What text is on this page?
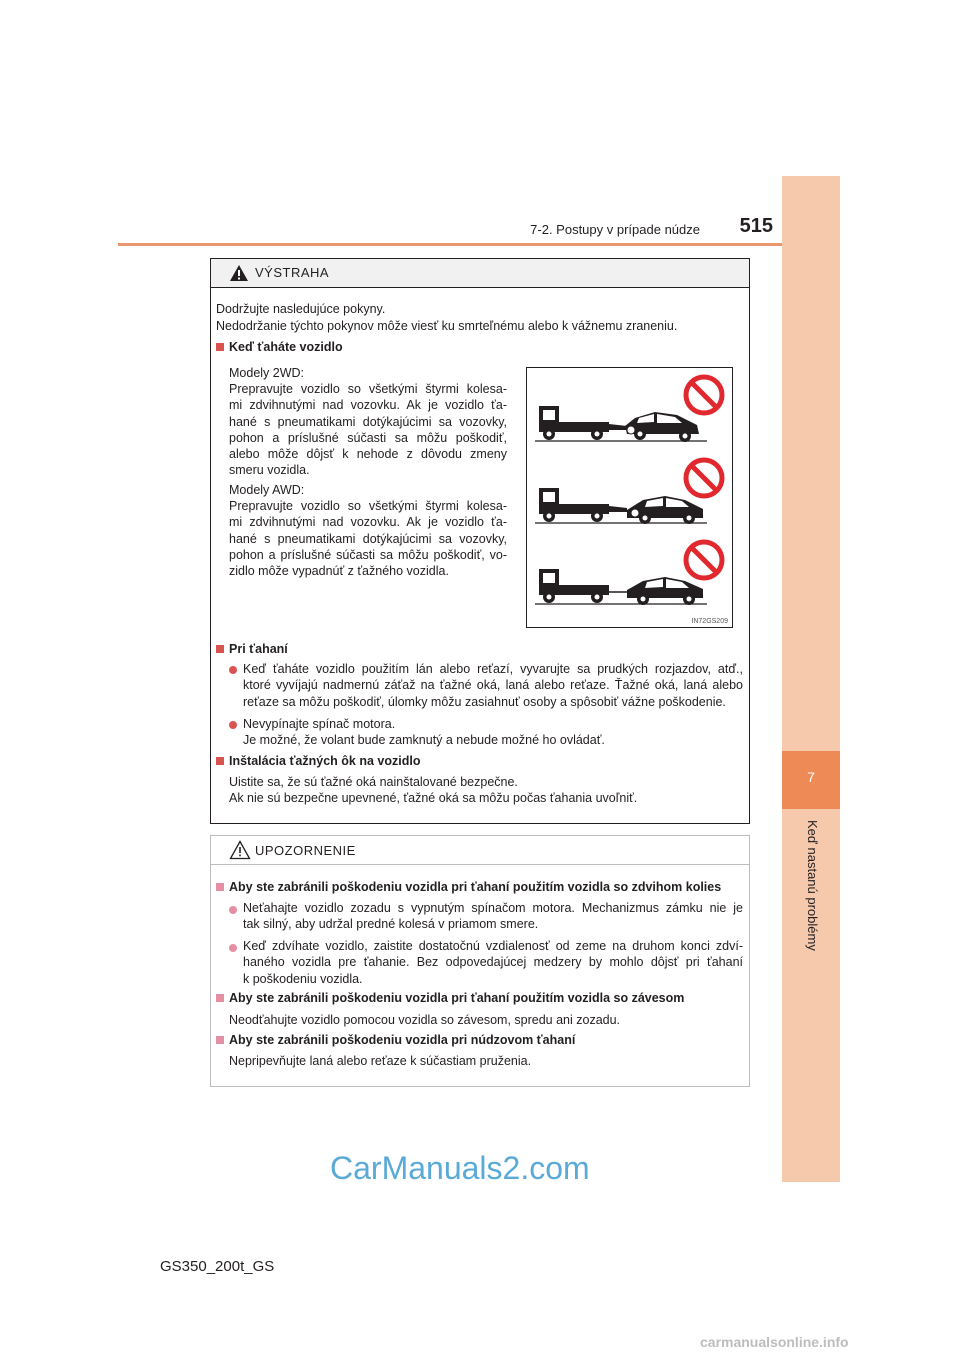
7-2. Postupy v prípade núdze	515
7
Keď nastanú problémy
VÝSTRAHA
Dodržujte nasledujúce pokyny.
Nedodržanie týchto pokynov môže viesť ku smrteľnému alebo k vážnemu zraneniu.
Keď ťaháte vozidlo
Modely 2WD:
Prepravujte vozidlo so všetkými štyrmi kolesa-
mi zdvihnutými nad vozovku. Ak je vozidlo ťa-
hané s pneumatikami dotýkajúcimi sa vozovky,
pohon a príslušné súčasti sa môžu poškodiť,
alebo môže dôjsť k nehode z dôvodu zmeny
smeru vozidla.
Modely AWD:
Prepravujte vozidlo so všetkými štyrmi kolesa-
mi zdvihnutými nad vozovku. Ak je vozidlo ťa-
hané s pneumatikami dotýkajúcimi sa vozovky,
pohon a príslušné súčasti sa môžu poškodiť, vo-
zidlo môže vypadnúť z ťažného vozidla.
IN72GS209
Pri ťahaní
Keď ťaháte vozidlo použitím lán alebo reťazí, vyvarujte sa prudkých rozjazdov, atď.,
ktoré vyvíjajú nadmernú záťaž na ťažné oká, laná alebo reťaze. Ťažné oká, laná alebo
reťaze sa môžu poškodiť, úlomky môžu zasiahnuť osoby a spôsobiť vážne poškodenie.
Nevypínajte spínač motora.
Je možné, že volant bude zamknutý a nebude možné ho ovládať.
Inštalácia ťažných ôk na vozidlo
Uistite sa, že sú ťažné oká nainštalované bezpečne.
Ak nie sú bezpečne upevnené, ťažné oká sa môžu počas ťahania uvoľniť.
UPOZORNENIE
Aby ste zabránili poškodeniu vozidla pri ťahaní použitím vozidla so zdvihom kolies
Neťahajte vozidlo zozadu s vypnutým spínačom motora. Mechanizmus zámku nie je
tak silný, aby udržal predné kolesá v priamom smere.
Keď zdvíhate vozidlo, zaistite dostatočnú vzdialenosť od zeme na druhom konci zdví-
haného vozidla pre ťahanie. Bez odpovedajúcej medzery by mohlo dôjsť pri ťahaní
k poškodeniu vozidla.
Aby ste zabránili poškodeniu vozidla pri ťahaní použitím vozidla so závesom
Neodťahujte vozidlo pomocou vozidla so závesom, spredu ani zozadu.
Aby ste zabránili poškodeniu vozidla pri núdzovom ťahaní
Nepripevňujte laná alebo reťaze k súčastiam pruženia.
CarManuals2.com
GS350_200t_GS
carmanualsonline.info
